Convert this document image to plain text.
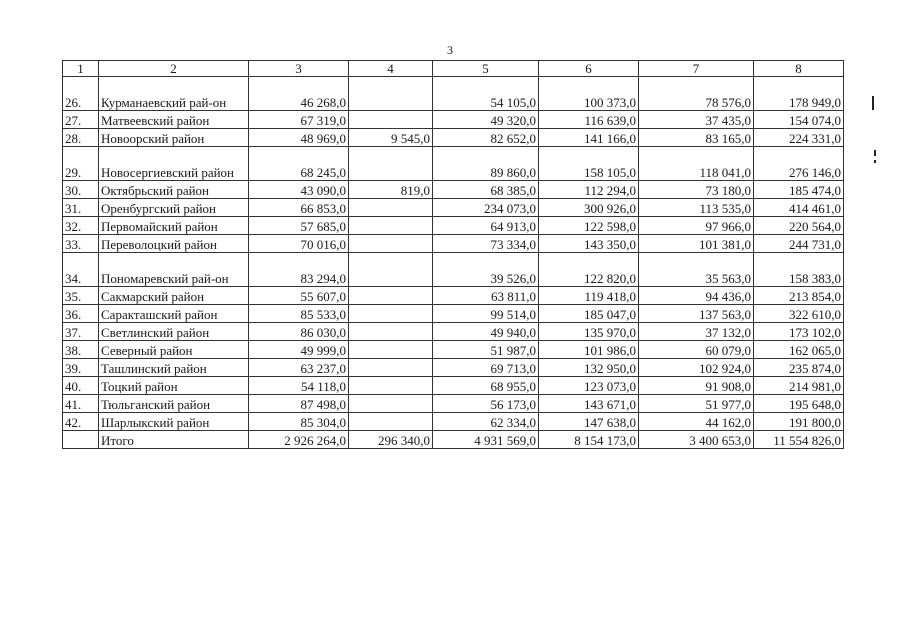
3
1	2	3	4	5	6	7	8
26.	Курманаевский рай-он	46 268,0		54 105,0	100 373,0	78 576,0	178 949,0
27.	Матвеевский район	67 319,0		49 320,0	116 639,0	37 435,0	154 074,0
28.	Новоорский район	48 969,0	9 545,0	82 652,0	141 166,0	83 165,0	224 331,0
29.	Новосергиевский район	68 245,0		89 860,0	158 105,0	118 041,0	276 146,0
30.	Октябрьский район	43 090,0	819,0	68 385,0	112 294,0	73 180,0	185 474,0
31.	Оренбургский район	66 853,0		234 073,0	300 926,0	113 535,0	414 461,0
32.	Первомайский район	57 685,0		64 913,0	122 598,0	97 966,0	220 564,0
33.	Переволоцкий район	70 016,0		73 334,0	143 350,0	101 381,0	244 731,0
34.	Пономаревский рай-он	83 294,0		39 526,0	122 820,0	35 563,0	158 383,0
35.	Сакмарский район	55 607,0		63 811,0	119 418,0	94 436,0	213 854,0
36.	Саракташский район	85 533,0		99 514,0	185 047,0	137 563,0	322 610,0
37.	Светлинский район	86 030,0		49 940,0	135 970,0	37 132,0	173 102,0
38.	Северный район	49 999,0		51 987,0	101 986,0	60 079,0	162 065,0
39.	Ташлинский район	63 237,0		69 713,0	132 950,0	102 924,0	235 874,0
40.	Тоцкий район	54 118,0		68 955,0	123 073,0	91 908,0	214 981,0
41.	Тюльганский район	87 498,0		56 173,0	143 671,0	51 977,0	195 648,0
42.	Шарлыкский район	85 304,0		62 334,0	147 638,0	44 162,0	191 800,0
	Итого	2 926 264,0	296 340,0	4 931 569,0	8 154 173,0	3 400 653,0	11 554 826,0
